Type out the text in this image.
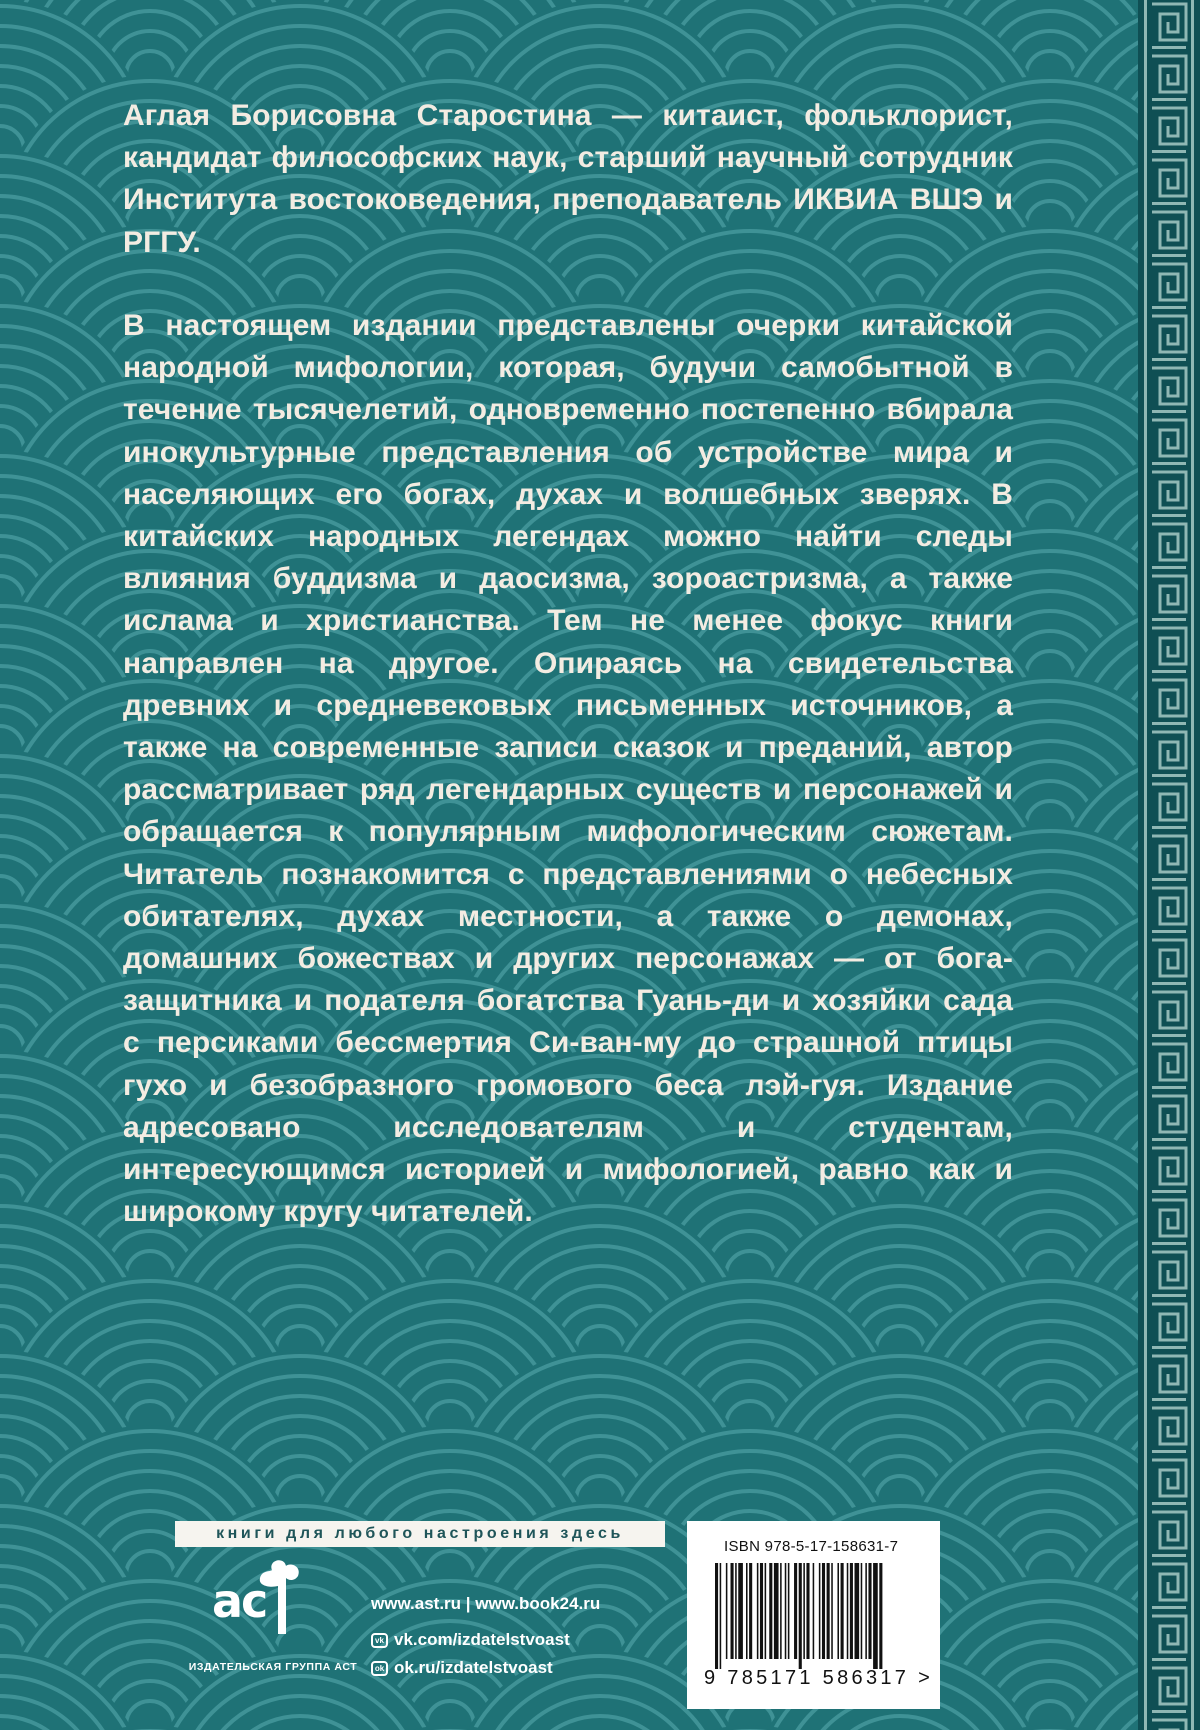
Аглая Борисовна Старостина — китаист, фольклорист, кандидат философских наук, старший научный сотрудник Института востоковедения, преподаватель ИКВИА ВШЭ и РГГУ.

В настоящем издании представлены очерки китайской народной мифологии, которая, будучи самобытной в течение тысячелетий, одновременно постепенно вбирала инокультурные представления об устройстве мира и населяющих его богах, духах и волшебных зверях. В китайских народных легендах можно найти следы влияния буддизма и даосизма, зороастризма, а также ислама и христианства. Тем не менее фокус книги направлен на другое. Опираясь на свидетельства древних и средневековых письменных источников, а также на современные записи сказок и преданий, автор рассматривает ряд легендарных существ и персонажей и обращается к популярным мифологическим сюжетам. Читатель познакомится с представлениями о небесных обитателях, духах местности, а также о демонах, домашних божествах и других персонажах — от бога-защитника и подателя богатства Гуань-ди и хозяйки сада с персиками бессмертия Си-ван-му до страшной птицы гухо и безобразного громового беса лэй-гуя. Издание адресовано исследователям и студентам, интересующимся историей и мифологией, равно как и широкому кругу читателей.

книги для любого настроения здесь
ас
ИЗДАТЕЛЬСКАЯ ГРУППА АСТ
www.ast.ru | www.book24.ru
vk vk.com/izdatelstvoast
ok ok.ru/izdatelstvoast
ISBN 978-5-17-158631-7
9 785171 586317 >
